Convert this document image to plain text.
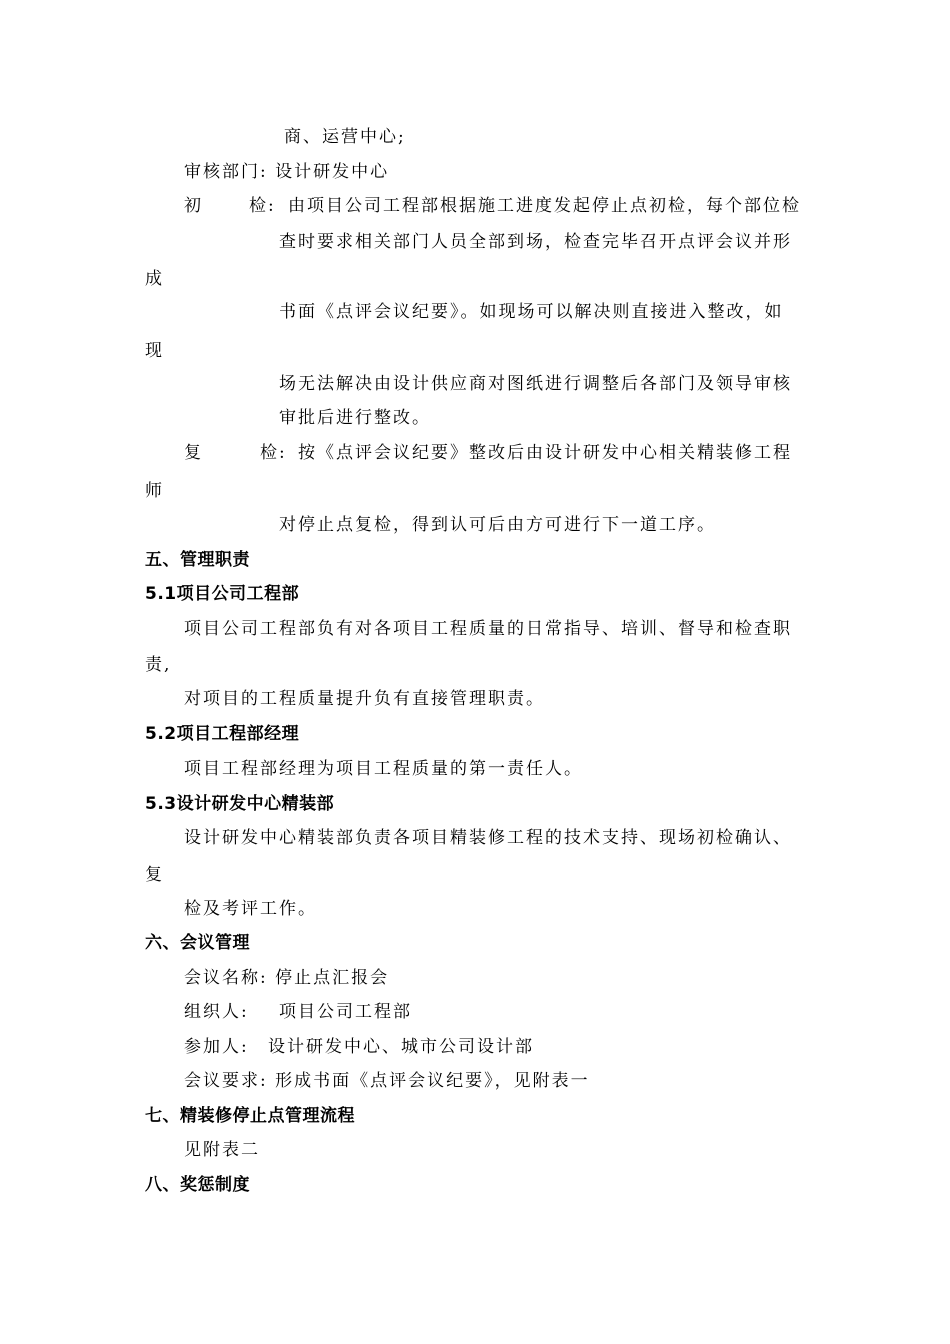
商、运营中心;
审核部门: 设计研发中心
初	检: 由项目公司工程部根据施工进度发起停止点初检，每个部位检
查时要求相关部门人员全部到场，检查完毕召开点评会议并形
成
书面《点评会议纪要》。如现场可以解决则直接进入整改，如
现
场无法解决由设计供应商对图纸进行调整后各部门及领导审核
审批后进行整改。
复	检: 按《点评会议纪要》整改后由设计研发中心相关精装修工程
师
对停止点复检，得到认可后由方可进行下一道工序。
五、管理职责
5.1项目公司工程部
项目公司工程部负有对各项目工程质量的日常指导、培训、督导和检查职
责,
对项目的工程质量提升负有直接管理职责。
5.2项目工程部经理
项目工程部经理为项目工程质量的第一责任人。
5.3设计研发中心精装部
设计研发中心精装部负责各项目精装修工程的技术支持、现场初检确认、
复
检及考评工作。
六、会议管理
会议名称: 停止点汇报会
组织人: 项目公司工程部
参加人: 设计研发中心、城市公司设计部
会议要求: 形成书面《点评会议纪要》，见附表一
七、精装修停止点管理流程
见附表二
八、奖惩制度
